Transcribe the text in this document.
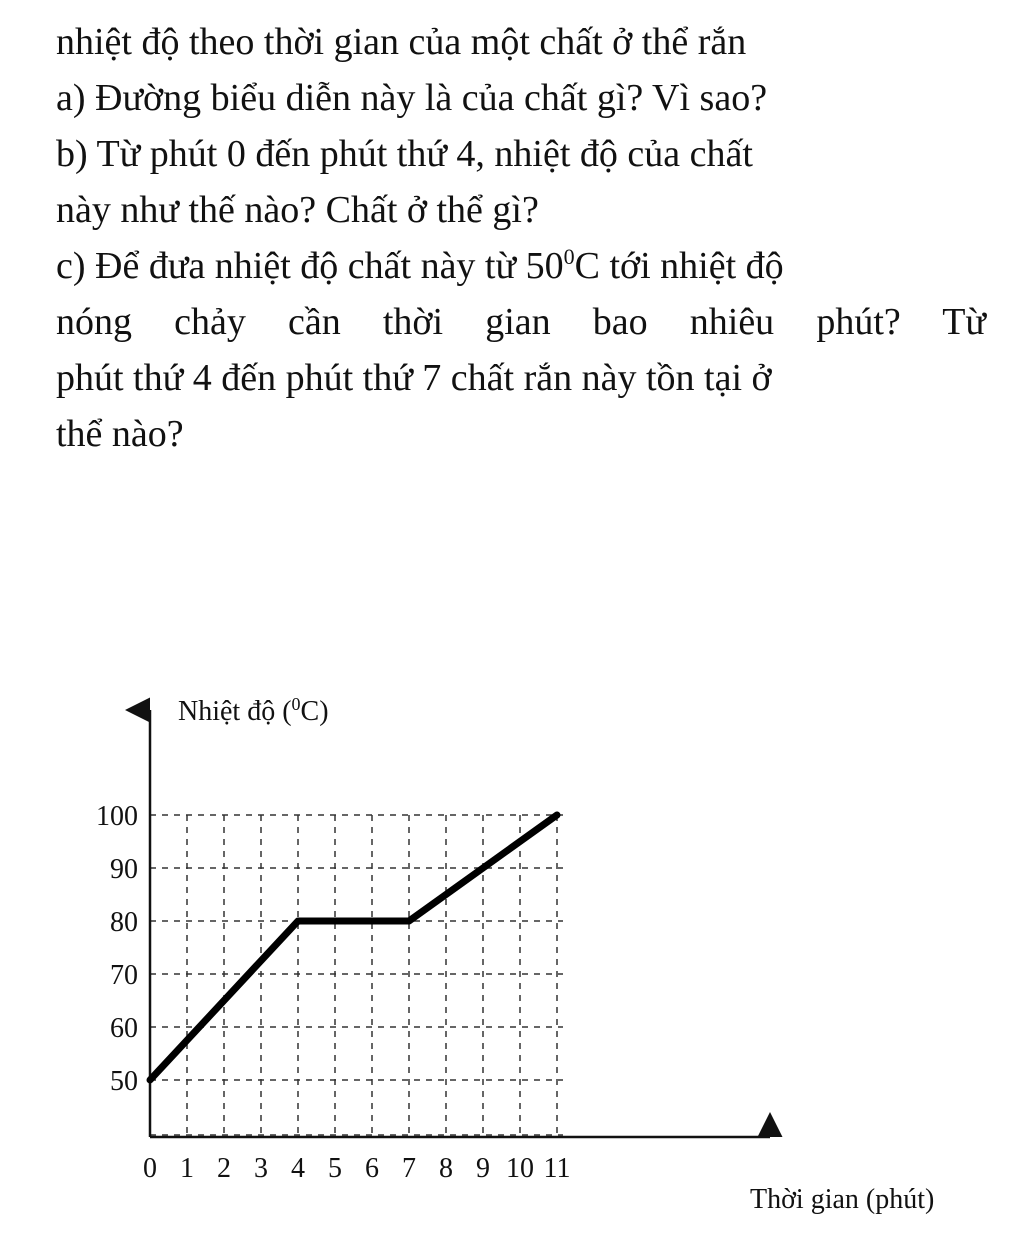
nhiệt độ theo thời gian của một chất ở thể rắn
a) Đường biểu diễn này là của chất gì? Vì sao?
b) Từ phút 0 đến phút thứ 4, nhiệt độ của chất
này như thế nào? Chất ở thể gì?
c) Để đưa nhiệt độ chất này từ $50^0C$ tới nhiệt độ
nóng chảy cần thời gian bao nhiêu phút? Từ
phút thứ 4 đến phút thứ 7 chất rắn này tồn tại ở
thể nào?
Nhiệt độ ($^0$C)
Thời gian (phút)
50
60
70
80
90
100
0 1 2 3 4 5 6 7 8 9 10 11
